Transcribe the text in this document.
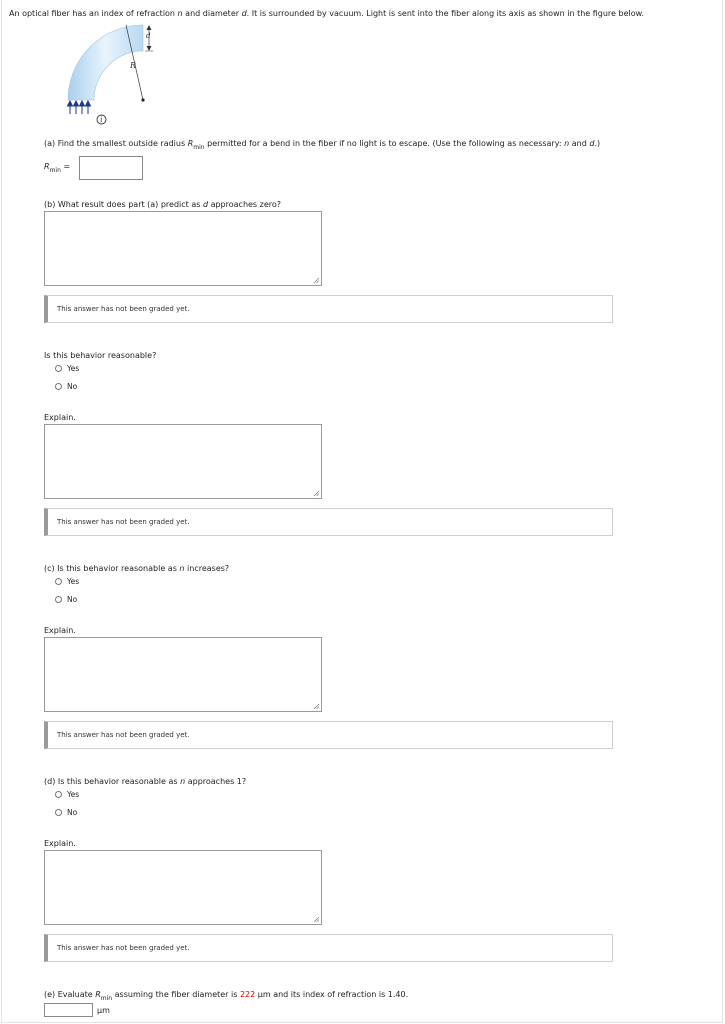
An optical fiber has an index of refraction n and diameter d. It is surrounded by vacuum. Light is sent into the fiber along its axis as shown in the figure below.
d
R
i
(a) Find the smallest outside radius $R_{min}$ permitted for a bend in the fiber if no light is to escape. (Use the following as necessary: n and d.)
$R_{min}$ =
(b) What result does part (a) predict as d approaches zero?
This answer has not been graded yet.
Is this behavior reasonable?
Yes
No
Explain.
This answer has not been graded yet.
(c) Is this behavior reasonable as n increases?
Yes
No
Explain.
This answer has not been graded yet.
(d) Is this behavior reasonable as n approaches 1?
Yes
No
Explain.
This answer has not been graded yet.
(e) Evaluate $R_{min}$ assuming the fiber diameter is 222 µm and its index of refraction is 1.40.
µm
